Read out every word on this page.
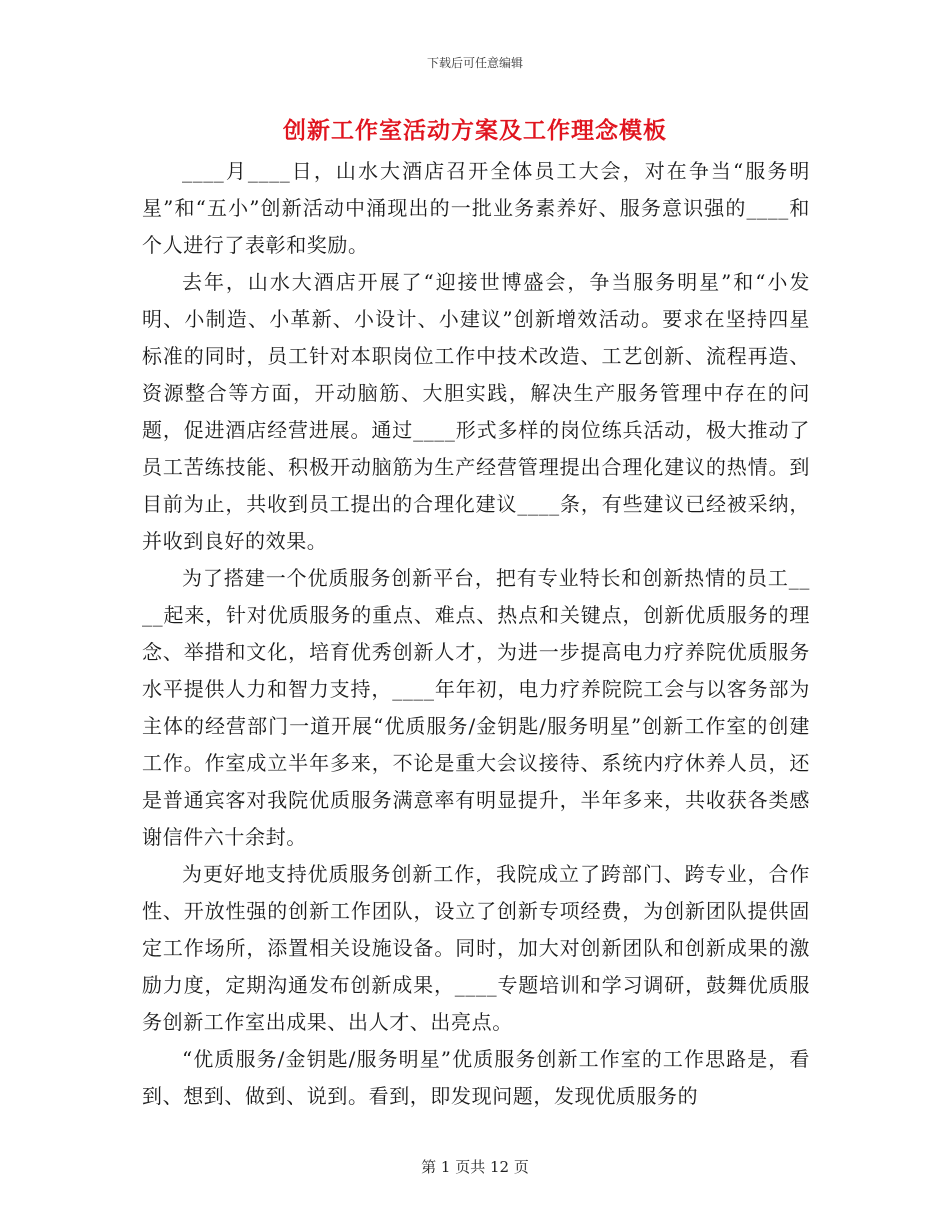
下载后可任意编辑
创新工作室活动方案及工作理念模板

____月____日，山水大酒店召开全体员工大会，对在争当“服务明星”和“五小”创新活动中涌现出的一批业务素养好、服务意识强的____和个人进行了表彰和奖励。

去年，山水大酒店开展了“迎接世博盛会，争当服务明星”和“小发明、小制造、小革新、小设计、小建议”创新增效活动。要求在坚持四星标准的同时，员工针对本职岗位工作中技术改造、工艺创新、流程再造、资源整合等方面，开动脑筋、大胆实践，解决生产服务管理中存在的问题，促进酒店经营进展。通过____形式多样的岗位练兵活动，极大推动了员工苦练技能、积极开动脑筋为生产经营管理提出合理化建议的热情。到目前为止，共收到员工提出的合理化建议____条，有些建议已经被采纳，并收到良好的效果。

为了搭建一个优质服务创新平台，把有专业特长和创新热情的员工____起来，针对优质服务的重点、难点、热点和关键点，创新优质服务的理念、举措和文化，培育优秀创新人才，为进一步提高电力疗养院优质服务水平提供人力和智力支持，____年年初，电力疗养院院工会与以客务部为主体的经营部门一道开展“优质服务/金钥匙/服务明星”创新工作室的创建工作。作室成立半年多来，不论是重大会议接待、系统内疗休养人员，还是普通宾客对我院优质服务满意率有明显提升，半年多来，共收获各类感谢信件六十余封。

为更好地支持优质服务创新工作，我院成立了跨部门、跨专业，合作性、开放性强的创新工作团队，设立了创新专项经费，为创新团队提供固定工作场所，添置相关设施设备。同时，加大对创新团队和创新成果的激励力度，定期沟通发布创新成果，____专题培训和学习调研，鼓舞优质服务创新工作室出成果、出人才、出亮点。

“优质服务/金钥匙/服务明星”优质服务创新工作室的工作思路是，看到、想到、做到、说到。看到，即发现问题，发现优质服务的

第 1 页共 12 页
